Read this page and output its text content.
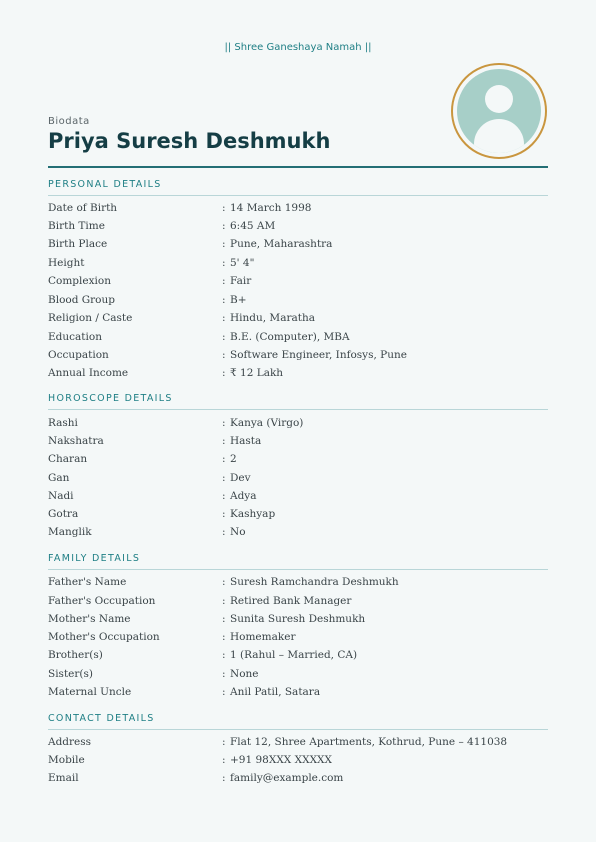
|| Shree Ganeshaya Namah ||
Biodata
Priya Suresh Deshmukh
PERSONAL DETAILS
Date of Birth	: 14 March 1998
Birth Time	: 6:45 AM
Birth Place	: Pune, Maharashtra
Height	: 5' 4"
Complexion	: Fair
Blood Group	: B+
Religion / Caste	: Hindu, Maratha
Education	: B.E. (Computer), MBA
Occupation	: Software Engineer, Infosys, Pune
Annual Income	: ₹ 12 Lakh
HOROSCOPE DETAILS
Rashi	: Kanya (Virgo)
Nakshatra	: Hasta
Charan	: 2
Gan	: Dev
Nadi	: Adya
Gotra	: Kashyap
Manglik	: No
FAMILY DETAILS
Father's Name	: Suresh Ramchandra Deshmukh
Father's Occupation	: Retired Bank Manager
Mother's Name	: Sunita Suresh Deshmukh
Mother's Occupation	: Homemaker
Brother(s)	: 1 (Rahul – Married, CA)
Sister(s)	: None
Maternal Uncle	: Anil Patil, Satara
CONTACT DETAILS
Address	: Flat 12, Shree Apartments, Kothrud, Pune – 411038
Mobile	: +91 98XXX XXXXX
Email	: family@example.com
